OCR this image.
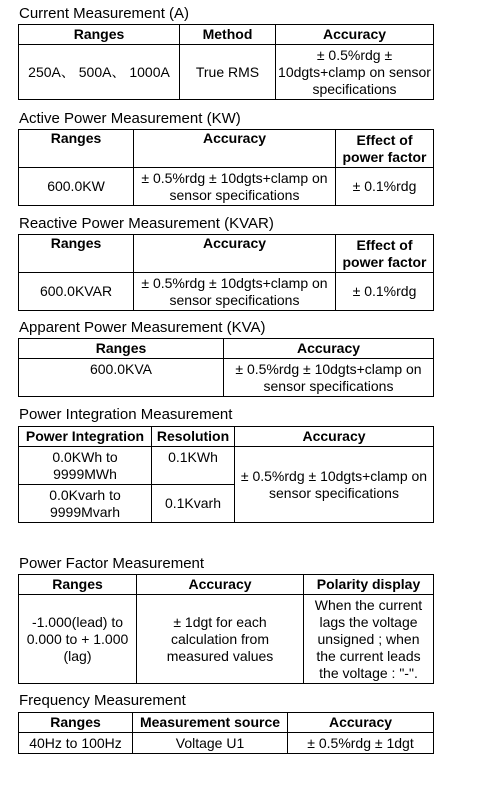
Current Measurement (A)
Ranges	Method	Accuracy
250A、 500A、 1000A	True RMS	± 0.5%rdg ± 10dgts+clamp on sensor specifications
Active Power Measurement (KW)
Ranges	Accuracy	Effect of power factor
600.0KW	± 0.5%rdg ± 10dgts+clamp on sensor specifications	± 0.1%rdg
Reactive Power Measurement (KVAR)
Ranges	Accuracy	Effect of power factor
600.0KVAR	± 0.5%rdg ± 10dgts+clamp on sensor specifications	± 0.1%rdg
Apparent Power Measurement (KVA)
Ranges	Accuracy
600.0KVA	± 0.5%rdg ± 10dgts+clamp on sensor specifications
Power Integration Measurement
Power Integration	Resolution	Accuracy
0.0KWh to 9999MWh	0.1KWh	± 0.5%rdg ± 10dgts+clamp on sensor specifications
0.0Kvarh to 9999Mvarh	0.1Kvarh	
Power Factor Measurement
Ranges	Accuracy	Polarity display
-1.000(lead) to 0.000 to + 1.000 (lag)	± 1dgt for each calculation from measured values	When the current lags the voltage unsigned ; when the current leads the voltage : "-".
Frequency Measurement
Ranges	Measurement source	Accuracy
40Hz to 100Hz	Voltage U1	± 0.5%rdg ± 1dgt
